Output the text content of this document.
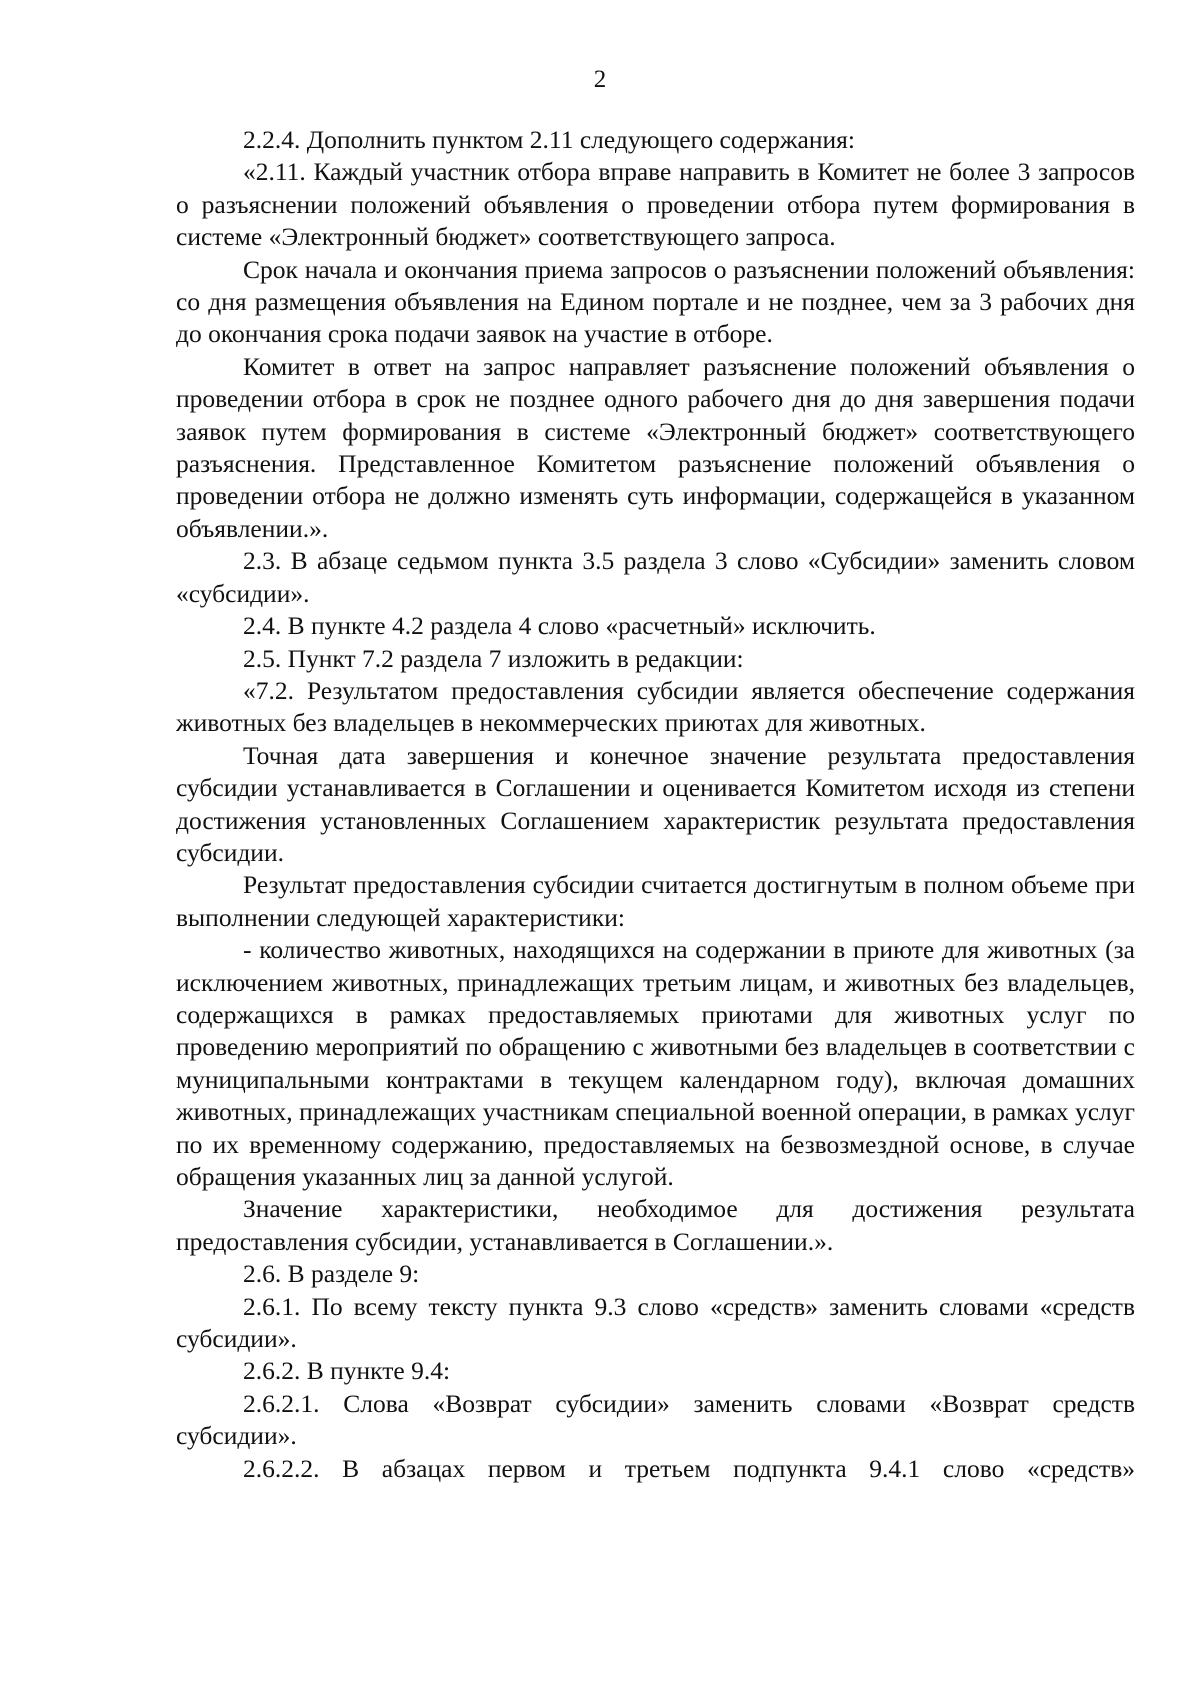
2

2.2.4. Дополнить пунктом 2.11 следующего содержания:

«2.11. Каждый участник отбора вправе направить в Комитет не более 3 запросов о разъяснении положений объявления о проведении отбора путем формирования в системе «Электронный бюджет» соответствующего запроса.

Срок начала и окончания приема запросов о разъяснении положений объявления: со дня размещения объявления на Едином портале и не позднее, чем за 3 рабочих дня до окончания срока подачи заявок на участие в отборе.

Комитет в ответ на запрос направляет разъяснение положений объявления о проведении отбора в срок не позднее одного рабочего дня до дня завершения подачи заявок путем формирования в системе «Электронный бюджет» соответствующего разъяснения. Представленное Комитетом разъяснение положений объявления о проведении отбора не должно изменять суть информации, содержащейся в указанном объявлении.».

2.3. В абзаце седьмом пункта 3.5 раздела 3 слово «Субсидии» заменить словом «субсидии».

2.4. В пункте 4.2 раздела 4 слово «расчетный» исключить.

2.5. Пункт 7.2 раздела 7 изложить в редакции:

«7.2. Результатом предоставления субсидии является обеспечение содержания животных без владельцев в некоммерческих приютах для животных.

Точная дата завершения и конечное значение результата предоставления субсидии устанавливается в Соглашении и оценивается Комитетом исходя из степени достижения установленных Соглашением характеристик результата предоставления субсидии.

Результат предоставления субсидии считается достигнутым в полном объеме при выполнении следующей характеристики:

- количество животных, находящихся на содержании в приюте для животных (за исключением животных, принадлежащих третьим лицам, и животных без владельцев, содержащихся в рамках предоставляемых приютами для животных услуг по проведению мероприятий по обращению с животными без владельцев в соответствии с муниципальными контрактами в текущем календарном году), включая домашних животных, принадлежащих участникам специальной военной операции, в рамках услуг по их временному содержанию, предоставляемых на безвозмездной основе, в случае обращения указанных лиц за данной услугой.

Значение характеристики, необходимое для достижения результата предоставления субсидии, устанавливается в Соглашении.».

2.6. В разделе 9:

2.6.1. По всему тексту пункта 9.3 слово «средств» заменить словами «средств субсидии».

2.6.2. В пункте 9.4:

2.6.2.1. Слова «Возврат субсидии» заменить словами «Возврат средств субсидии».

2.6.2.2. В абзацах первом и третьем подпункта 9.4.1 слово «средств»
